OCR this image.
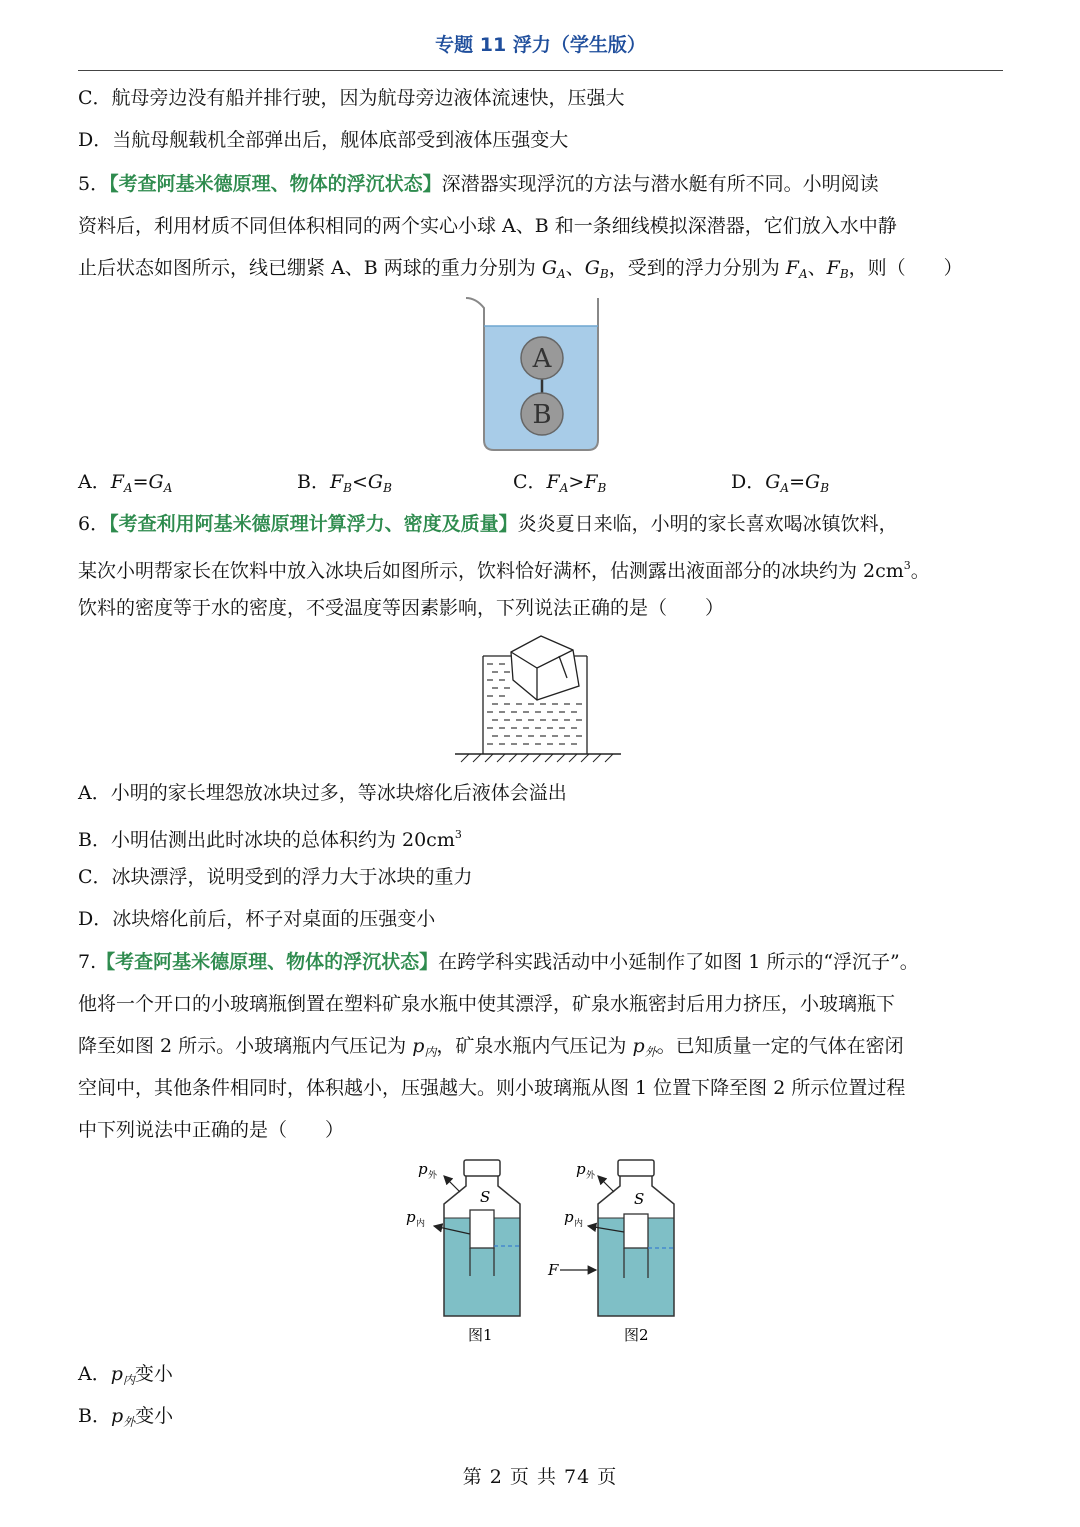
专题 11 浮力（学生版）
C．航母旁边没有船并排行驶，因为航母旁边液体流速快，压强大
D．当航母舰载机全部弹出后，舰体底部受到液体压强变大
5．【考查阿基米德原理、物体的浮沉状态】深潜器实现浮沉的方法与潜水艇有所不同。小明阅读
资料后，利用材质不同但体积相同的两个实心小球 A、B 和一条细线模拟深潜器，它们放入水中静
止后状态如图所示，线已绷紧 A、B 两球的重力分别为 $G_A$、$G_B$，受到的浮力分别为 $F_A$、$F_B$，则（　　）
A
B
A．$F_A=G_A$	B．$F_B<G_B$	C．$F_A>F_B$	D．$G_A=G_B$
6．【考查利用阿基米德原理计算浮力、密度及质量】炎炎夏日来临，小明的家长喜欢喝冰镇饮料，
某次小明帮家长在饮料中放入冰块后如图所示，饮料恰好满杯，估测露出液面部分的冰块约为 $2cm^3$。
饮料的密度等于水的密度，不受温度等因素影响，下列说法正确的是（　　）
A．小明的家长埋怨放冰块过多，等冰块熔化后液体会溢出
B．小明估测出此时冰块的总体积约为 $20cm^3$
C．冰块漂浮，说明受到的浮力大于冰块的重力
D．冰块熔化前后，杯子对桌面的压强变小
7.【考查阿基米德原理、物体的浮沉状态】在跨学科实践活动中小延制作了如图 1 所示的“浮沉子”。
他将一个开口的小玻璃瓶倒置在塑料矿泉水瓶中使其漂浮，矿泉水瓶密封后用力挤压，小玻璃瓶下
降至如图 2 所示。小玻璃瓶内气压记为 $p_内$，矿泉水瓶内气压记为 $p_外$。已知质量一定的气体在密闭
空间中，其他条件相同时，体积越小，压强越大。则小玻璃瓶从图 1 位置下降至图 2 所示位置过程
中下列说法中正确的是（　　）
p 外
p 内
S
图1
p 外
p 内
S
F
图2
A．$p_内$变小
B．$p_外$变小
第 2 页 共 74 页
